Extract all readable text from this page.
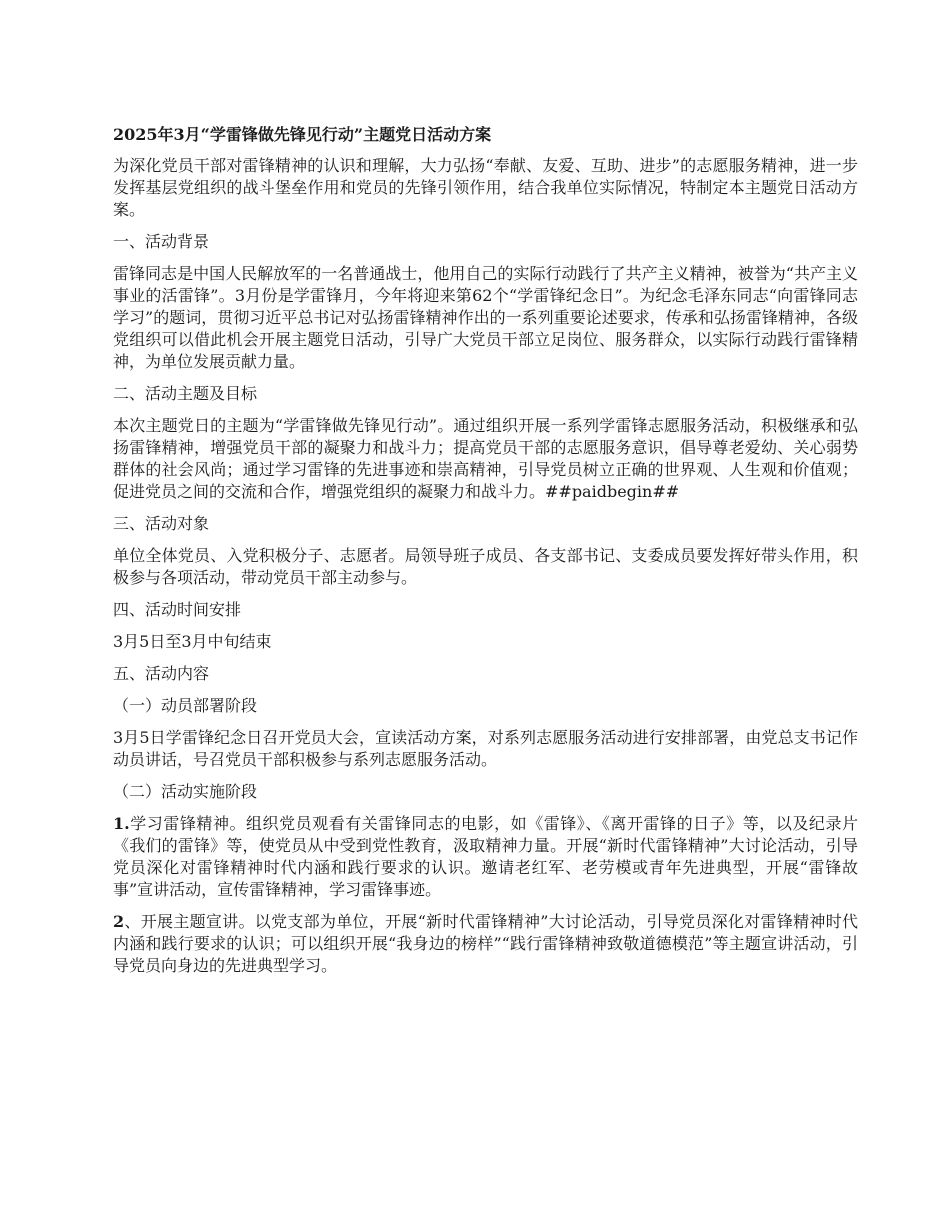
2025年3月“学雷锋做先锋见行动”主题党日活动方案
为深化党员干部对雷锋精神的认识和理解，大力弘扬“奉献、友爱、互助、进步”的志愿服务精神，进一步发挥基层党组织的战斗堡垒作用和党员的先锋引领作用，结合我单位实际情况，特制定本主题党日活动方案。
一、活动背景
雷锋同志是中国人民解放军的一名普通战士，他用自己的实际行动践行了共产主义精神，被誉为“共产主义事业的活雷锋”。3月份是学雷锋月，今年将迎来第62个“学雷锋纪念日”。为纪念毛泽东同志“向雷锋同志学习”的题词，贯彻习近平总书记对弘扬雷锋精神作出的一系列重要论述要求，传承和弘扬雷锋精神，各级党组织可以借此机会开展主题党日活动，引导广大党员干部立足岗位、服务群众，以实际行动践行雷锋精神，为单位发展贡献力量。
二、活动主题及目标
本次主题党日的主题为“学雷锋做先锋见行动”。通过组织开展一系列学雷锋志愿服务活动，积极继承和弘扬雷锋精神，增强党员干部的凝聚力和战斗力；提高党员干部的志愿服务意识，倡导尊老爱幼、关心弱势群体的社会风尚；通过学习雷锋的先进事迹和崇高精神，引导党员树立正确的世界观、人生观和价值观；促进党员之间的交流和合作，增强党组织的凝聚力和战斗力。##paidbegin##
三、活动对象
单位全体党员、入党积极分子、志愿者。局领导班子成员、各支部书记、支委成员要发挥好带头作用，积极参与各项活动，带动党员干部主动参与。
四、活动时间安排
3月5日至3月中旬结束
五、活动内容
（一）动员部署阶段
3月5日学雷锋纪念日召开党员大会，宣读活动方案，对系列志愿服务活动进行安排部署，由党总支书记作动员讲话，号召党员干部积极参与系列志愿服务活动。
（二）活动实施阶段
1.学习雷锋精神。组织党员观看有关雷锋同志的电影，如《雷锋》、《离开雷锋的日子》等，以及纪录片《我们的雷锋》等，使党员从中受到党性教育，汲取精神力量。开展“新时代雷锋精神”大讨论活动，引导党员深化对雷锋精神时代内涵和践行要求的认识。邀请老红军、老劳模或青年先进典型，开展“雷锋故事”宣讲活动，宣传雷锋精神，学习雷锋事迹。
2、开展主题宣讲。以党支部为单位，开展“新时代雷锋精神”大讨论活动，引导党员深化对雷锋精神时代内涵和践行要求的认识；可以组织开展“我身边的榜样”“践行雷锋精神致敬道德模范”等主题宣讲活动，引导党员向身边的先进典型学习。
